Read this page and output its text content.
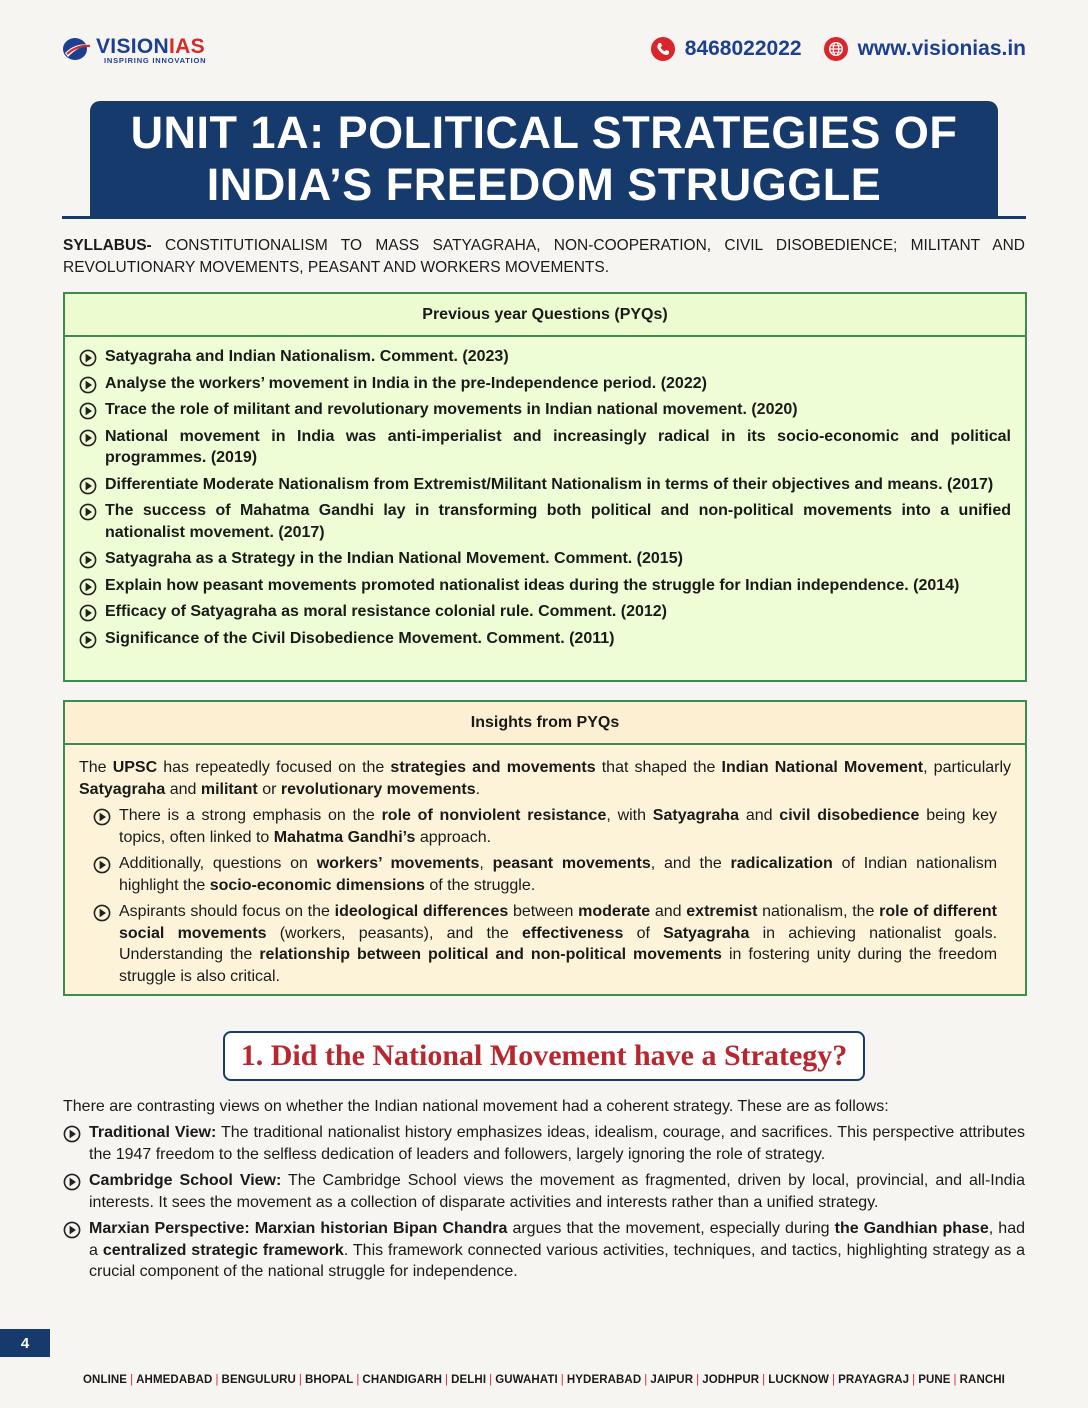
VISIONIAS
INSPIRING INNOVATION
8468022022	www.visionias.in
UNIT 1A: POLITICAL STRATEGIES OF
INDIA’S FREEDOM STRUGGLE
SYLLABUS- CONSTITUTIONALISM TO MASS SATYAGRAHA, NON-COOPERATION, CIVIL DISOBEDIENCE; MILITANT AND REVOLUTIONARY MOVEMENTS, PEASANT AND WORKERS MOVEMENTS.
Previous year Questions (PYQs)
Satyagraha and Indian Nationalism. Comment. (2023)
Analyse the workers’ movement in India in the pre-Independence period. (2022)
Trace the role of militant and revolutionary movements in Indian national movement. (2020)
National movement in India was anti-imperialist and increasingly radical in its socio-economic and political programmes. (2019)
Differentiate Moderate Nationalism from Extremist/Militant Nationalism in terms of their objectives and means. (2017)
The success of Mahatma Gandhi lay in transforming both political and non-political movements into a unified nationalist movement. (2017)
Satyagraha as a Strategy in the Indian National Movement. Comment. (2015)
Explain how peasant movements promoted nationalist ideas during the struggle for Indian independence. (2014)
Efficacy of Satyagraha as moral resistance colonial rule. Comment. (2012)
Significance of the Civil Disobedience Movement. Comment. (2011)
Insights from PYQs

The UPSC has repeatedly focused on the strategies and movements that shaped the Indian National Movement, particularly Satyagraha and militant or revolutionary movements.

There is a strong emphasis on the role of nonviolent resistance, with Satyagraha and civil disobedience being key topics, often linked to Mahatma Gandhi’s approach.
Additionally, questions on workers’ movements, peasant movements, and the radicalization of Indian nationalism highlight the socio-economic dimensions of the struggle.
Aspirants should focus on the ideological differences between moderate and extremist nationalism, the role of different social movements (workers, peasants), and the effectiveness of Satyagraha in achieving nationalist goals. Understanding the relationship between political and non-political movements in fostering unity during the freedom struggle is also critical.
1. Did the National Movement have a Strategy?
There are contrasting views on whether the Indian national movement had a coherent strategy. These are as follows:
Traditional View: The traditional nationalist history emphasizes ideas, idealism, courage, and sacrifices. This perspective attributes the 1947 freedom to the selfless dedication of leaders and followers, largely ignoring the role of strategy.
Cambridge School View: The Cambridge School views the movement as fragmented, driven by local, provincial, and all-India interests. It sees the movement as a collection of disparate activities and interests rather than a unified strategy.
Marxian Perspective: Marxian historian Bipan Chandra argues that the movement, especially during the Gandhian phase, had a centralized strategic framework. This framework connected various activities, techniques, and tactics, highlighting strategy as a crucial component of the national struggle for independence.
4
ONLINE | AHMEDABAD | BENGULURU | BHOPAL | CHANDIGARH | DELHI | GUWAHATI | HYDERABAD | JAIPUR | JODHPUR | LUCKNOW | PRAYAGRAJ | PUNE | RANCHI
